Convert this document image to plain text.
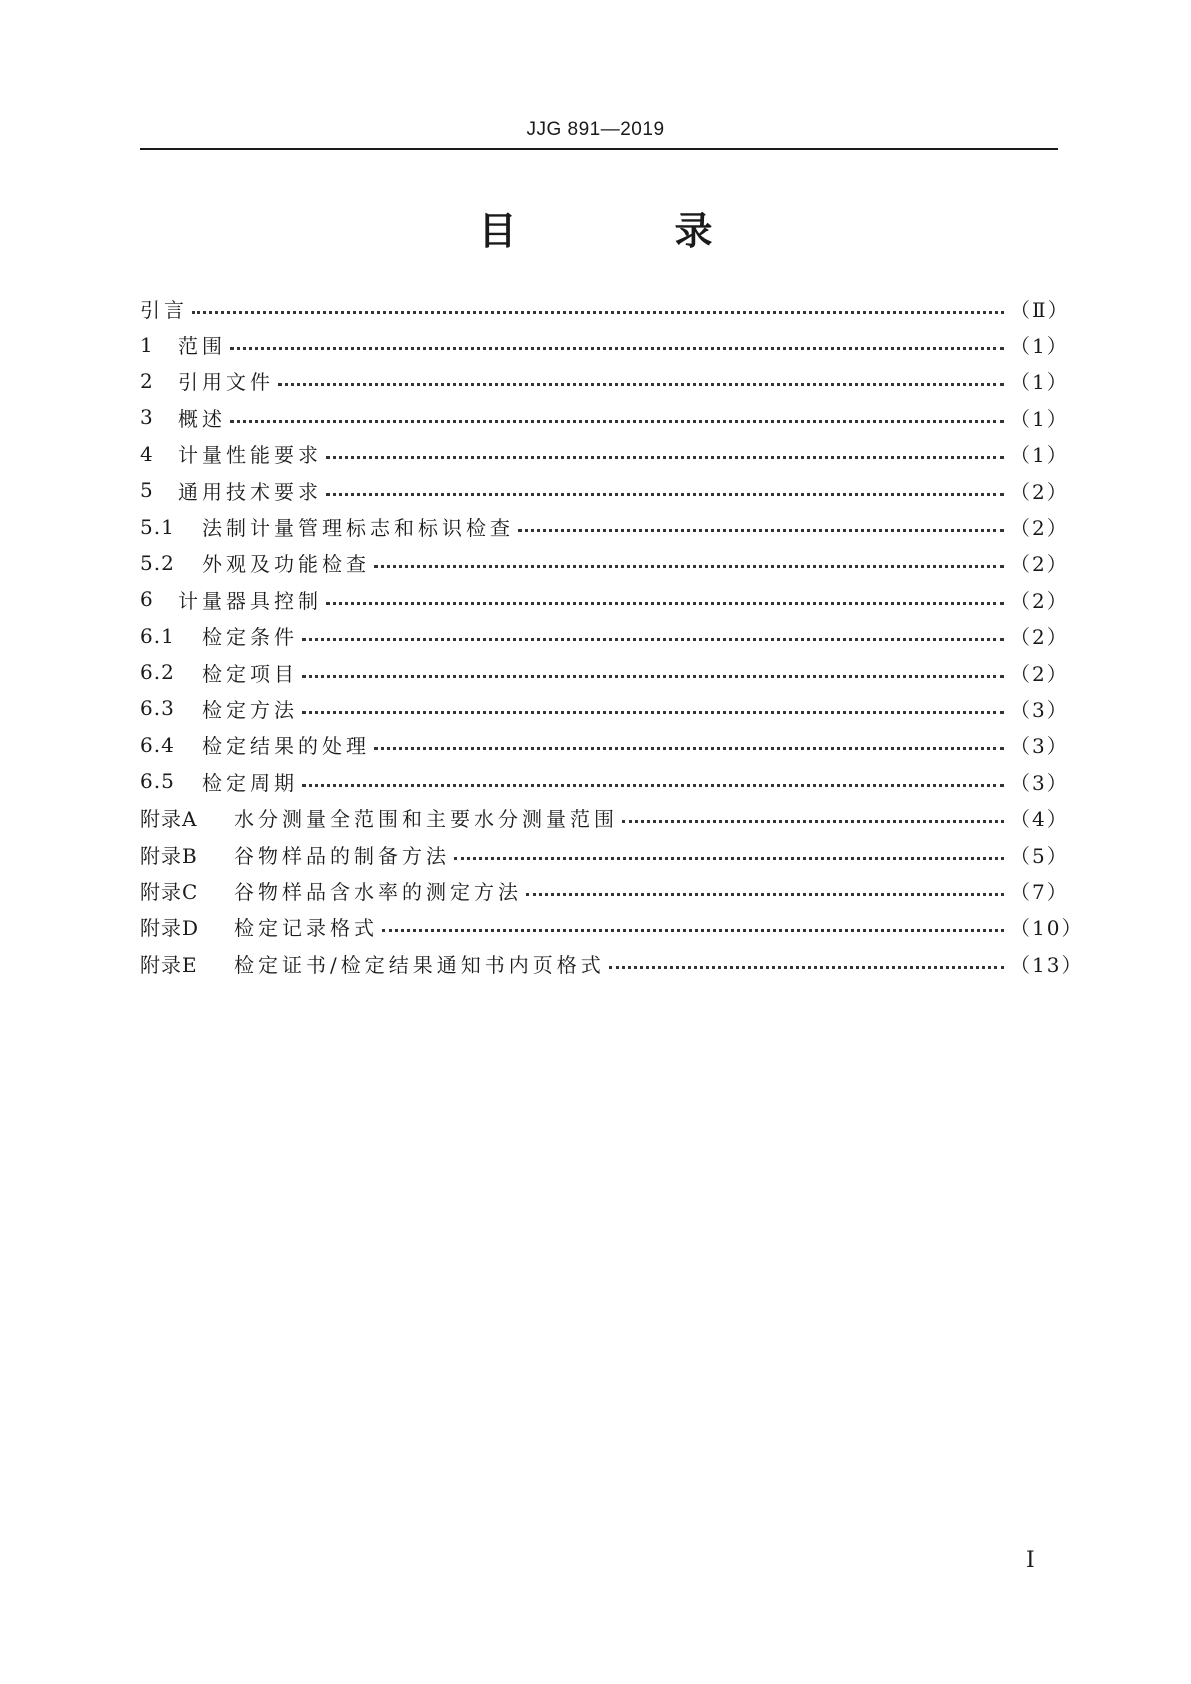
JJG 891—2019
目　录
引言	（Ⅱ）
1	范围	（1）
2	引用文件	（1）
3	概述	（1）
4	计量性能要求	（1）
5	通用技术要求	（2）
5.1	法制计量管理标志和标识检查	（2）
5.2	外观及功能检查	（2）
6	计量器具控制	（2）
6.1	检定条件	（2）
6.2	检定项目	（2）
6.3	检定方法	（3）
6.4	检定结果的处理	（3）
6.5	检定周期	（3）
附录A	水分测量全范围和主要水分测量范围	（4）
附录B	谷物样品的制备方法	（5）
附录C	谷物样品含水率的测定方法	（7）
附录D	检定记录格式	（10）
附录E	检定证书/检定结果通知书内页格式	（13）
Ⅰ
